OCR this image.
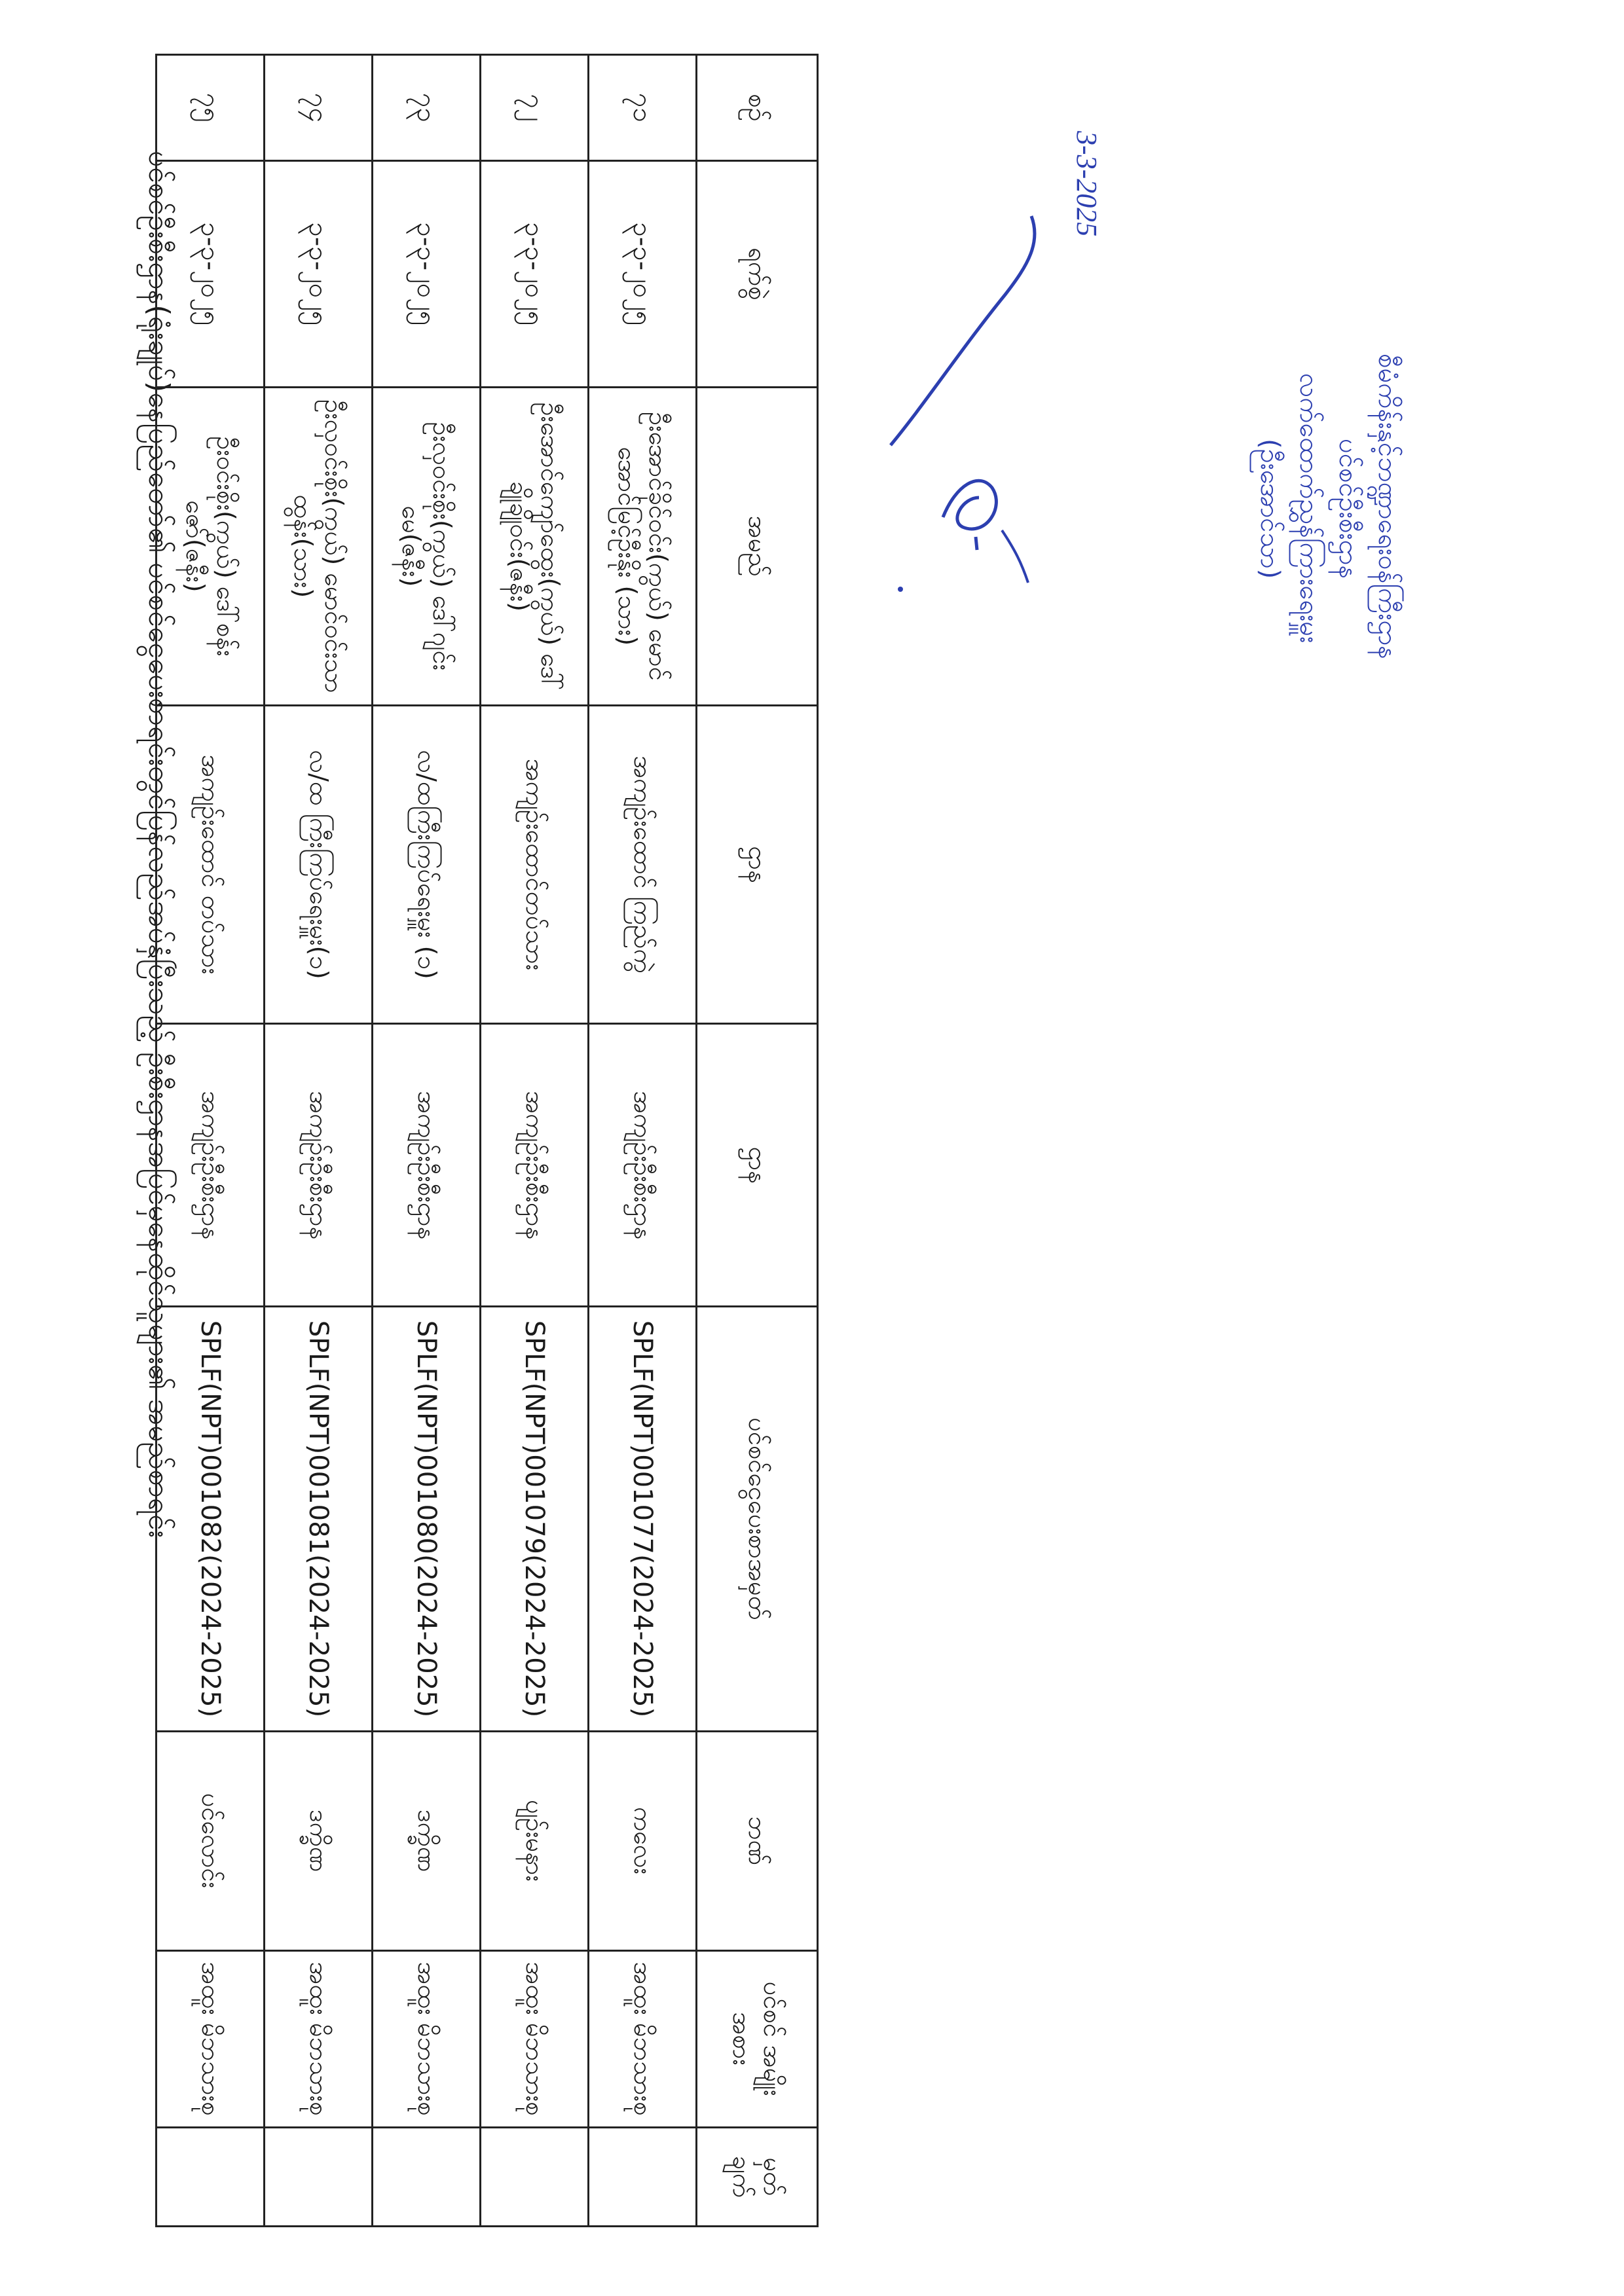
ပင်စင်ဦးစီးဌာန(ရုံးချုပ်)နေပြည်တော်၏ ပင်စင်ငွေပေးစာရင်းတွင်ပြန်လည်အပ်နှံပြီးသည့် ဦးစီးဌာနအပြင်မှနေထိုင်သူများ၏ အမည်စာရင်း
စဉ်	ရက်စွဲ	အမည်	ဌာန	ဌာန	ပင်စင်ငွေပေးစာအမှတ်	ဘဏ်	ပင်စင် အမျိုးအစား	မှတ် ချက်
၇၁	၃-၃-၂၀၂၅	ဦးအောင်ခိုင်ဝင်း(ကွယ်) မောင်အောင်မြင့်ဦးနိုး (သား)	အကျဉ်းထောင် ကြည်ကွဲ	အကျဉ်းဦးစီးဌာန	SPLF(NPT)001077(2024-2025)	ကလေး	အထူး မိဘသားစု	
၇၂	၃-၃-၂၀၂၅	ဦးအောင်ကျော်ထွေး(ကွယ်) ဒေါ်ချိုချိုဝင်း(ဇနီး)	အကျဉ်းထောင်တပ်သား	အကျဉ်းဦးစီးဌာန	SPLF(NPT)001079(2024-2025)	ပျဉ်းမနား	အထူး မိဘသားစု	
၇၃	၃-၃-၂၀၂၅	ဦးလှဝင်းစိုး(ကွယ်) ဒေါ်ဂျင်းမေ(ဇနီး)	လ/ထကြီးကြပ်ရေးမှူး (၁)	အကျဉ်းဦးစီးဌာန	SPLF(NPT)001080(2024-2025)	ဒက္ခိဏ	အထူး မိဘသားစု	
၇၄	၃-၃-၂၀၂၅	ဦးလှဝင်းစိုး(ကွယ်) မောင်ဝင်းသာထွန်း(သား)	လ/ထ ကြီးကြပ်ရေးမှူး(၁)	အကျဉ်းဦးစီးဌာန	SPLF(NPT)001081(2024-2025)	ဒက္ခိဏ	အထူး မိဘသားစု	
၇၅	၃-၃-၂၀၂၅	ဦးဝင်းစိုး(ကွယ်) ဒေါ်စန်းဇော်(ဇနီး)	အကျဉ်းထောင် တပ်သား	အကျဉ်းဦးစီးဌာန	SPLF(NPT)001082(2024-2025)	ပင်လောင်း	အထူး မိဘသားစု	
3-3-2025
(ဉီးအောင်သာ) လက်ထောက်ညွှန်ကြားရေးမှူး ပင်စင်ဦးစီးဌာန စီမံကိန်းနှင့်ဘဏ္ဍာရေးဝန်ကြီးဌာန
